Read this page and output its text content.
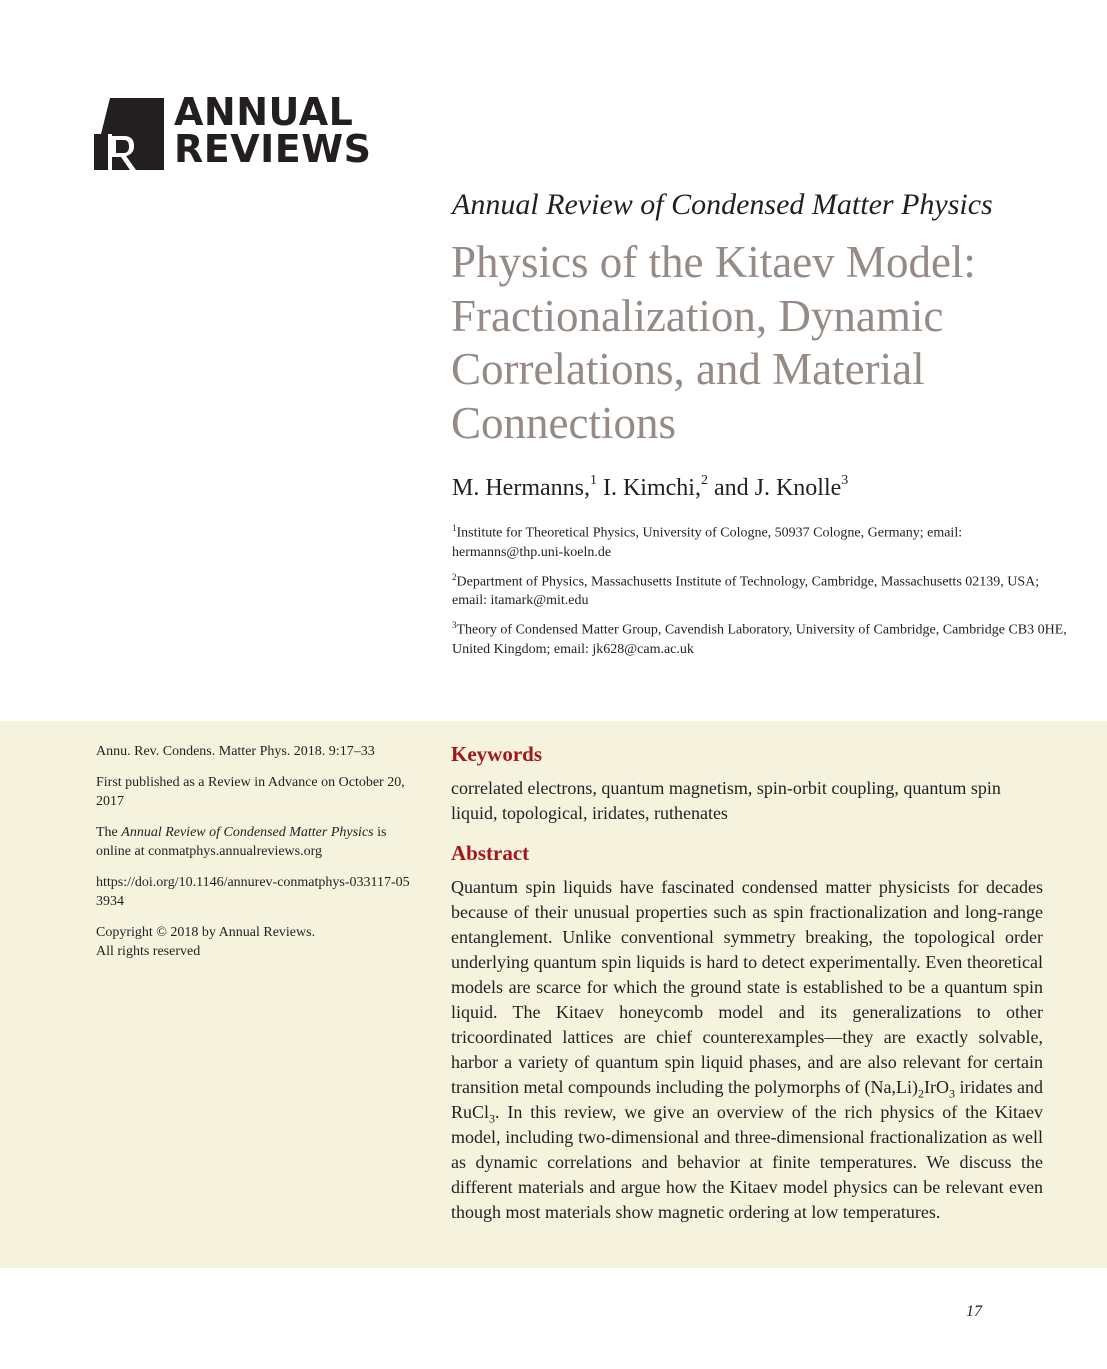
ANNUAL
REVIEWS
Annual Review of Condensed Matter Physics
Physics of the Kitaev Model: Fractionalization, Dynamic Correlations, and Material Connections
M. Hermanns,$^1$ I. Kimchi,$^2$ and J. Knolle$^3$

$^1$Institute for Theoretical Physics, University of Cologne, 50937 Cologne, Germany; email: hermanns@thp.uni-koeln.de

$^2$Department of Physics, Massachusetts Institute of Technology, Cambridge, Massachusetts 02139, USA; email: itamark@mit.edu

$^3$Theory of Condensed Matter Group, Cavendish Laboratory, University of Cambridge, Cambridge CB3 0HE, United Kingdom; email: jk628@cam.ac.uk

Annu. Rev. Condens. Matter Phys. 2018. 9:17–33

First published as a Review in Advance on October 20, 2017

The Annual Review of Condensed Matter Physics is online at conmatphys.annualreviews.org

https://doi.org/10.1146/annurev-conmatphys-033117-053934

Copyright © 2018 by Annual Reviews.
All rights reserved

Keywords
correlated electrons, quantum magnetism, spin-orbit coupling, quantum spin liquid, topological, iridates, ruthenates
Abstract

Quantum spin liquids have fascinated condensed matter physicists for decades because of their unusual properties such as spin fractionalization and long-range entanglement. Unlike conventional symmetry breaking, the topological order underlying quantum spin liquids is hard to detect experimentally. Even theoretical models are scarce for which the ground state is established to be a quantum spin liquid. The Kitaev honeycomb model and its generalizations to other tricoordinated lattices are chief counterexamples—they are exactly solvable, harbor a variety of quantum spin liquid phases, and are also relevant for certain transition metal compounds including the polymorphs of $(Na,Li)_2IrO_3$ iridates and RuCl$_3$. In this review, we give an overview of the rich physics of the Kitaev model, including two-dimensional and three-dimensional fractionalization as well as dynamic correlations and behavior at finite temperatures. We discuss the different materials and argue how the Kitaev model physics can be relevant even though most materials show magnetic ordering at low temperatures.

17
